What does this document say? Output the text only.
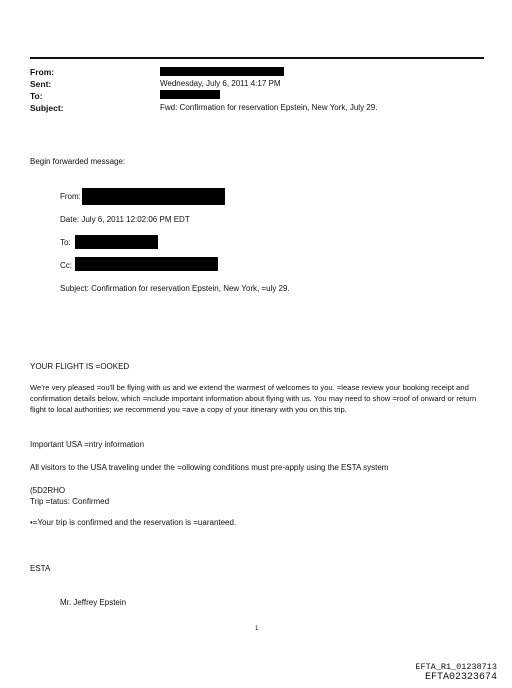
From:
Sent:	Wednesday, July 6, 2011 4:17 PM
To:
Subject:	Fwd: Confirmation for reservation Epstein, New York, July 29.
Begin forwarded message:
From:
Date: July 6, 2011 12:02:06 PM EDT
To:
Cc:
Subject: Confirmation for reservation Epstein, New York, =uly 29.
YOUR FLIGHT IS =OOKED
We're very pleased =ou'll be flying with us and we extend the warmest of welcomes to you. =lease review your booking receipt and confirmation details below, which =nclude important information about flying with us. You may need to show =roof of onward or return flight to local authorities; we recommend you =ave a copy of your itinerary with you on this trip.
Important USA =ntry information
All visitors to the USA traveling under the =ollowing conditions must pre-apply using the ESTA system
(5D2RHO
Trip =tatus: Confirmed
•=Your trip is confirmed and the reservation is =uaranteed.
ESTA
Mr. Jeffrey Epstein
1
EFTA_R1_01238713
EFTA02323674
